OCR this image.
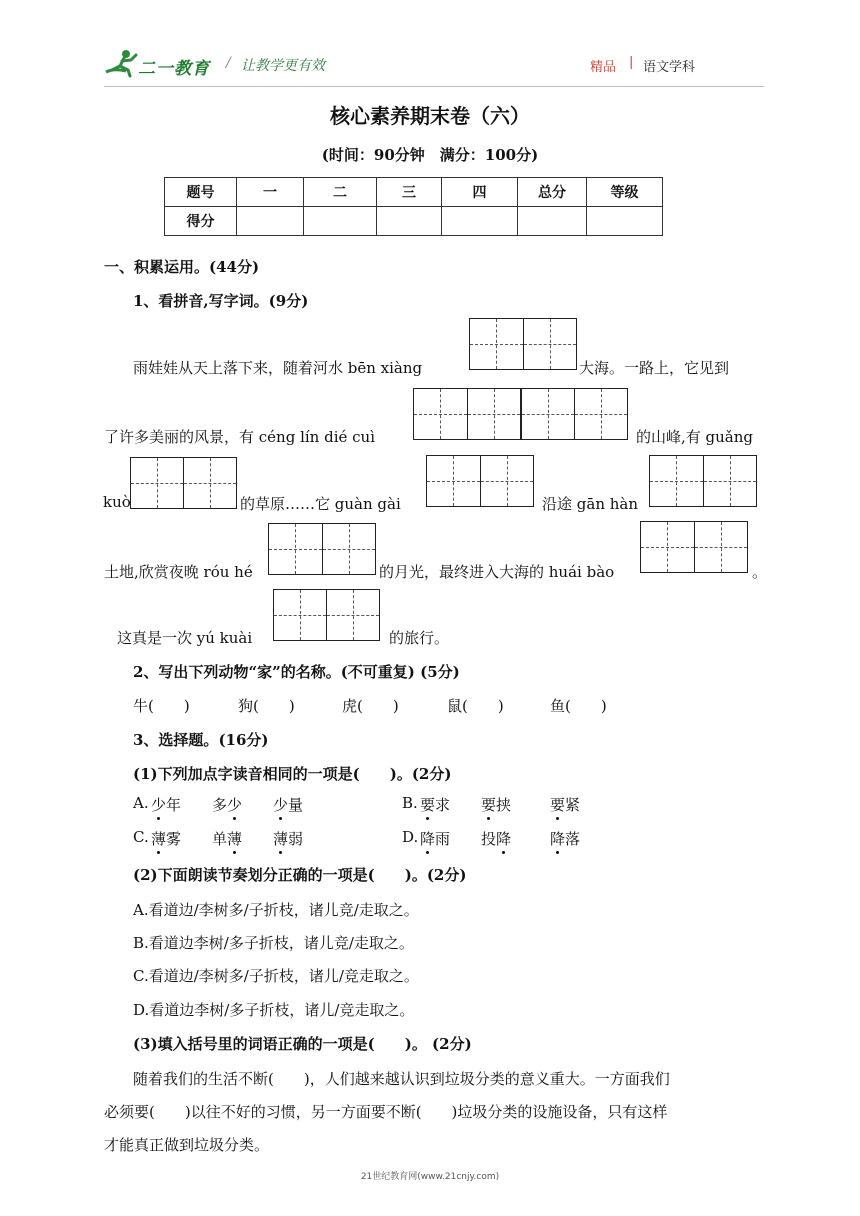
二一教育 / 让教学更有效	精品 | 语文学科
核心素养期末卷（六）
(时间：90分钟　满分：100分)
题号	一	二	三	四	总分	等级
得分						
一、积累运用。(44分)
1、看拼音,写字词。(9分)
雨娃娃从天上落下来，随着河水 bēn xiàng	大海。一路上，它见到
了许多美丽的风景，有 céng lín dié cuì	的山峰,有 guǎng
kuò	的草原……它 guàn gài	沿途 gān hàn
土地,欣赏夜晚 róu hé	的月光，最终进入大海的 huái bào	。
这真是一次 yú kuài	的旅行。
2、写出下列动物“家”的名称。(不可重复) (5分)
牛(　　)	狗(　　)	虎(　　)	鼠(　　)	鱼(　　)
3、选择题。(16分)
(1)下列加点字读音相同的一项是(　　)。(2分)
A. 少年 多少 少量	B. 要求 要挟	要紧
C. 薄雾 单薄 薄弱	D. 降雨 投降	降落
(2)下面朗读节奏划分正确的一项是(　　)。(2分)
A.看道边/李树多/子折枝，诸儿竞/走取之。
B.看道边李树/多子折枝，诸儿竞/走取之。
C.看道边/李树多/子折枝，诸儿/竞走取之。
D.看道边李树/多子折枝，诸儿/竞走取之。
(3)填入括号里的词语正确的一项是(　　)。 (2分)
随着我们的生活不断(　　)，人们越来越认识到垃圾分类的意义重大。一方面我们
必须要(　　)以往不好的习惯，另一方面要不断(　　)垃圾分类的设施设备，只有这样
才能真正做到垃圾分类。
21世纪教育网(www.21cnjy.com)
